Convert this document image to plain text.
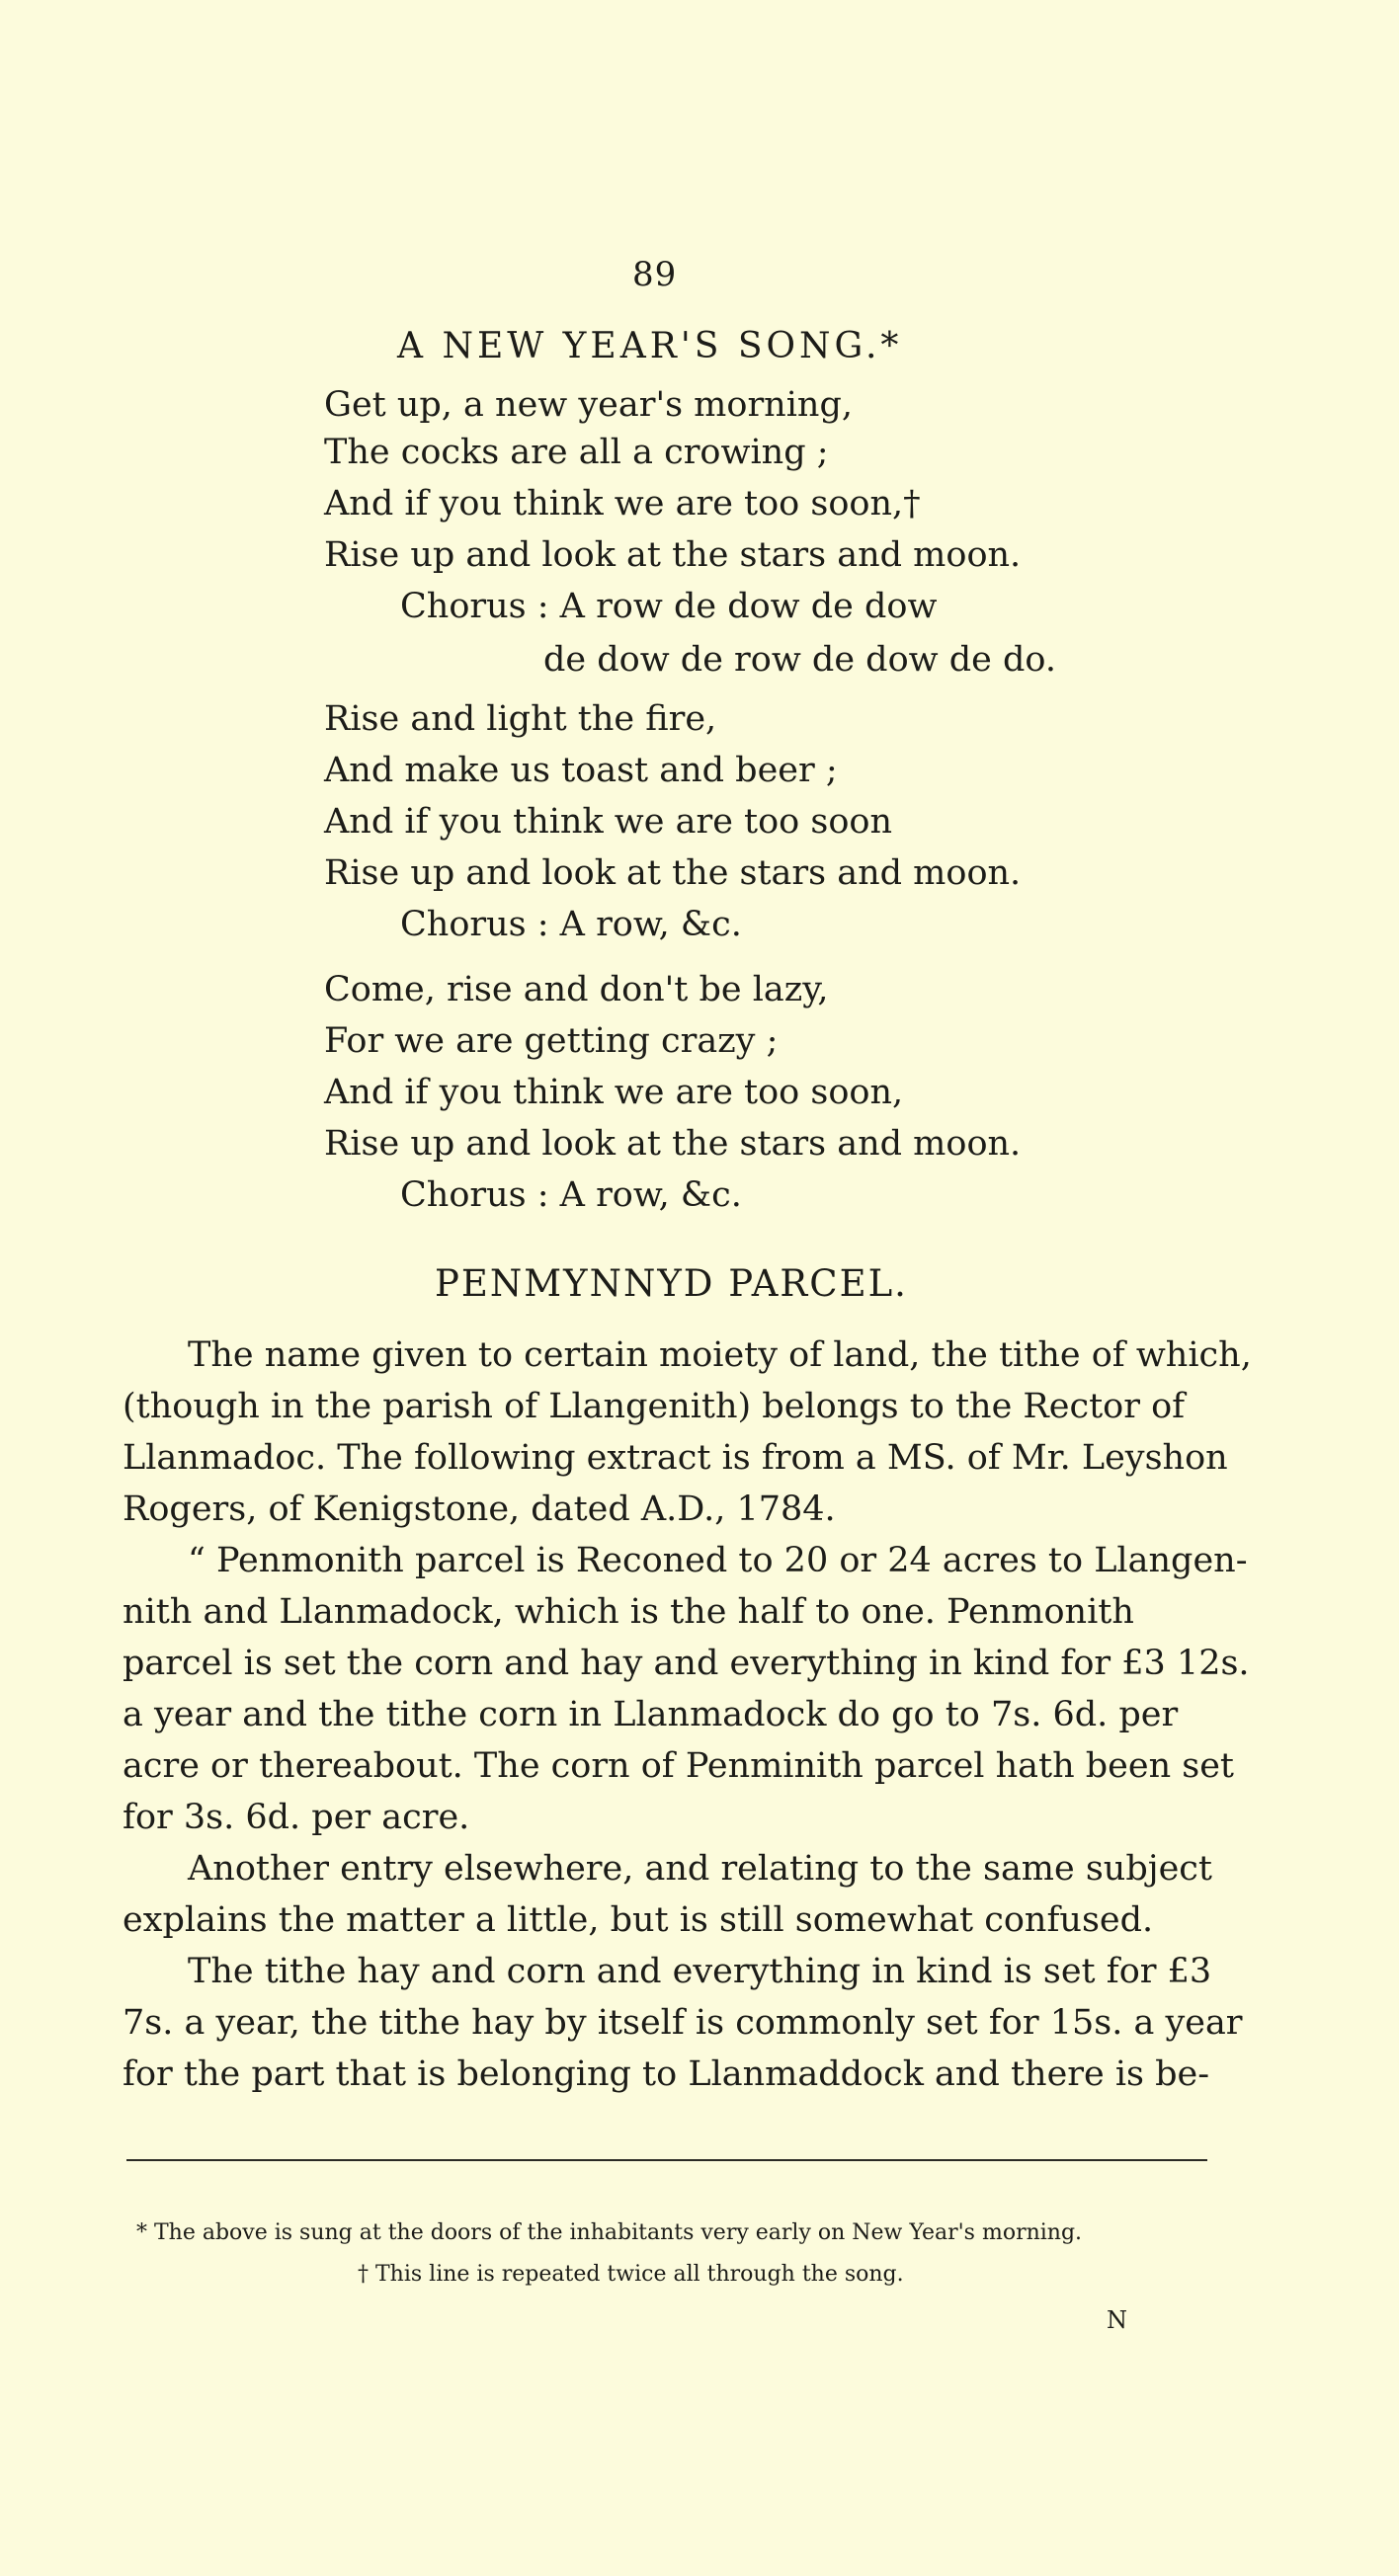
89
A NEW YEAR'S SONG.*
Get up, a new year's morning,
The cocks are all a crowing ;
And if you think we are too soon,†
Rise up and look at the stars and moon.
Chorus : A row de dow de dow
de dow de row de dow de do.
Rise and light the fire,
And make us toast and beer ;
And if you think we are too soon
Rise up and look at the stars and moon.
Chorus : A row, &c.
Come, rise and don't be lazy,
For we are getting crazy ;
And if you think we are too soon,
Rise up and look at the stars and moon.
Chorus : A row, &c.
PENMYNNYD PARCEL.
The name given to certain moiety of land, the tithe of which,
(though in the parish of Llangenith) belongs to the Rector of
Llanmadoc. The following extract is from a MS. of Mr. Leyshon
Rogers, of Kenigstone, dated A.D., 1784.
“ Penmonith parcel is Reconed to 20 or 24 acres to Llangen-
nith and Llanmadock, which is the half to one. Penmonith
parcel is set the corn and hay and everything in kind for £3 12s.
a year and the tithe corn in Llanmadock do go to 7s. 6d. per
acre or thereabout. The corn of Penminith parcel hath been set
for 3s. 6d. per acre.
Another entry elsewhere, and relating to the same subject
explains the matter a little, but is still somewhat confused.
The tithe hay and corn and everything in kind is set for £3
7s. a year, the tithe hay by itself is commonly set for 15s. a year
for the part that is belonging to Llanmaddock and there is be-
* The above is sung at the doors of the inhabitants very early on New Year's morning.
† This line is repeated twice all through the song.
N
